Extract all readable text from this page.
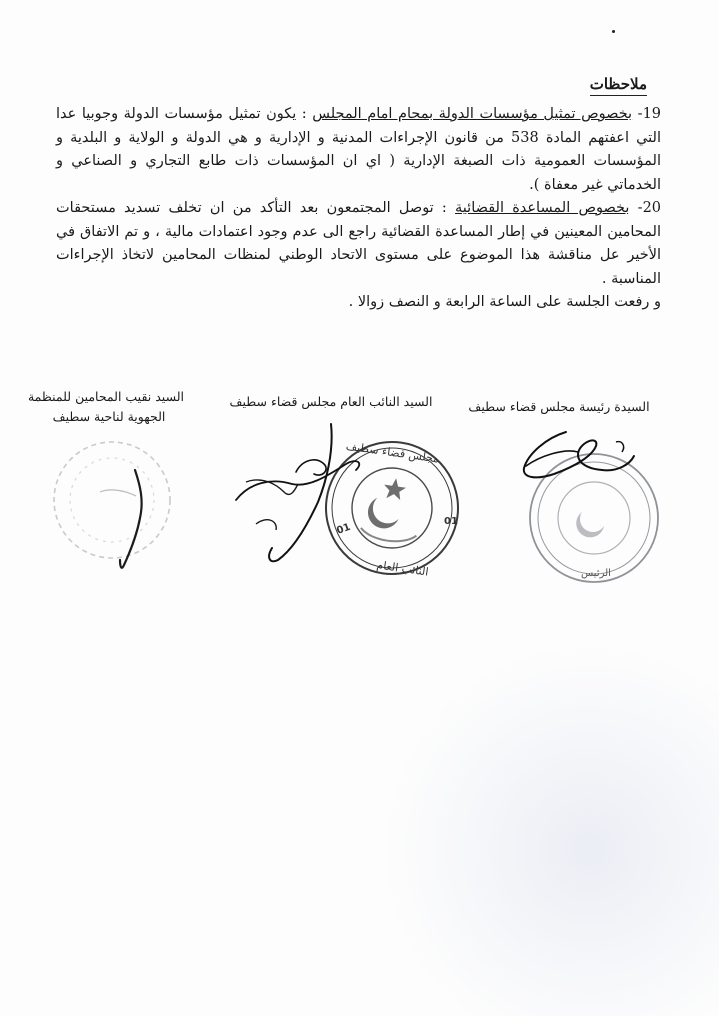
ملاحظات

19- بخصوص تمثيل مؤسسات الدولة بمحام امام المجلس : يكون تمثيل مؤسسات الدولة وجوبيا عدا التي اعفتهم المادة 538 من قانون الإجراءات المدنية و الإدارية و هي الدولة و الولاية و البلدية و المؤسسات العمومية ذات الصبغة الإدارية ( اي ان المؤسسات ذات طابع التجاري و الصناعي و الخدماتي غير معفاة ).

20- بخصوص المساعدة القضائية : توصل المجتمعون بعد التأكد من ان تخلف تسديد مستحقات المحامين المعينين في إطار المساعدة القضائية راجع الى عدم وجود اعتمادات مالية ، و تم الاتفاق في الأخير عل مناقشة هذا الموضوع على مستوى الاتحاد الوطني لمنظات المحامين لاتخاذ الإجراءات المناسبة .

و رفعت الجلسة على الساعة الرابعة و النصف زوالا .

السيد نقيب المحامين للمنظمة
الجهوية لناحية سطيف
السيد النائب العام مجلس قضاء سطيف	السيدة رئيسة مجلس قضاء سطيف
01
01
مجلس قضاء سطيف
النائب العام	الرئيس
